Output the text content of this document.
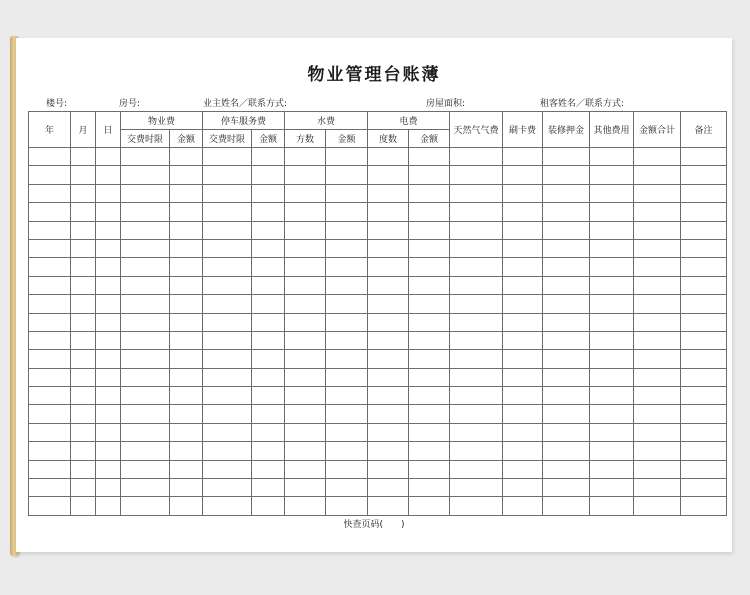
物业管理台账薄
楼号:	房号:	业主姓名／联系方式:	房屋面积:	租客姓名／联系方式:
年	月	日	物业费		停车服务费		水费		电费		天然气气费	刷卡费	装修押金	其他费用	金额合计	备注
			交费时限	金额	交费时限	金额	方数	金额	度数	金额						

快查页码(　　)
